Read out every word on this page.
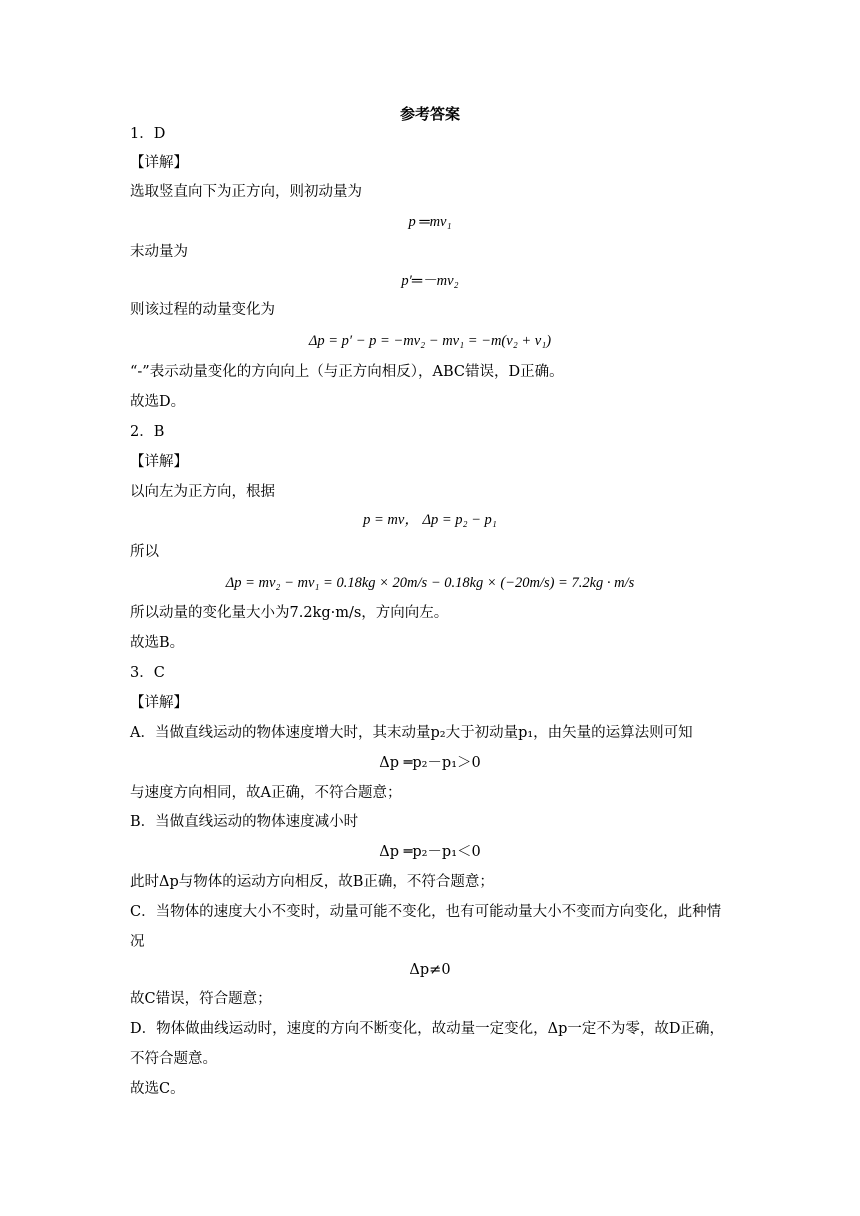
参考答案
1．D
【详解】
选取竖直向下为正方向，则初动量为
p ═mv₁
末动量为
p′═－mv₂
则该过程的动量变化为
Δp = p′ − p = −mv₂ − mv₁ = −m(v₂ + v₁)
“-”表示动量变化的方向向上（与正方向相反），ABC错误，D正确。
故选D。
2．B
【详解】
以向左为正方向，根据
p = mv， Δp = p₂ − p₁
所以
Δp = mv₂ − mv₁ = 0.18kg × 20m/s − 0.18kg × (−20m/s) = 7.2kg · m/s
所以动量的变化量大小为7.2kg·m/s，方向向左。
故选B。
3．C
【详解】
A．当做直线运动的物体速度增大时，其末动量p₂大于初动量p₁，由矢量的运算法则可知
Δp ═p₂－p₁＞0
与速度方向相同，故A正确，不符合题意；
B．当做直线运动的物体速度减小时
Δp ═p₂－p₁＜0
此时Δp与物体的运动方向相反，故B正确，不符合题意；
C．当物体的速度大小不变时，动量可能不变化，也有可能动量大小不变而方向变化，此种情况
Δp≠0
故C错误，符合题意；
D．物体做曲线运动时，速度的方向不断变化，故动量一定变化，Δp一定不为零，故D正确，不符合题意。
故选C。
